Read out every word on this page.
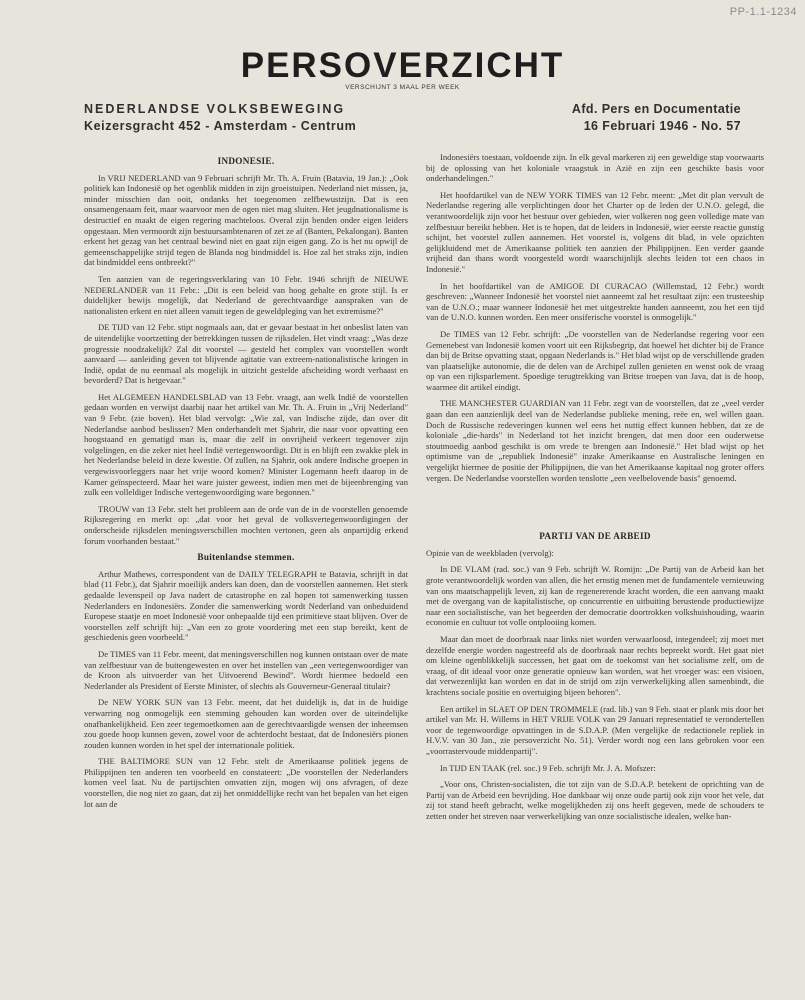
PP-1.1-1234
PERSOVERZICHT
VERSCHIJNT 3 MAAL PER WEEK
NEDERLANDSE VOLKSBEWEGING
Keizersgracht 452 - Amsterdam - Centrum
Afd. Pers en Documentatie
16 Februari 1946 - No. 57
INDONESIE.

In VRIJ NEDERLAND van 9 Februari schrijft Mr. Th. A. Fruin (Batavia, 19 Jan.): „Ook politiek kan Indonesië op het ogenblik midden in zijn groeistuipen. Nederland niet missen, ja, minder misschien dan ooit, ondanks het toegenomen zelfbewustzijn. Dat is een onsamengenaam feit, maar waarvoor men de ogen niet mag sluiten. Het jeugdnationalisme is destructief en maakt de eigen regering machteloos. Overal zijn benden onder eigen leiders opgestaan. Men vermoordt zijn bestuursambtenaren of zet ze af (Banten, Pekalongan). Banten erkent het gezag van het centraal bewind niet en gaat zijn eigen gang. Zo is het nu opwijl de gemeenschappelijke strijd tegen de Blanda nog bindmiddel is. Hoe zal het straks zijn, indien dat bindmiddel eens ontbreekt?"

Ten aanzien van de regeringsverklaring van 10 Febr. 1946 schrijft de NIEUWE NEDERLANDER van 11 Febr.: „Dit is een beleid van hoog gehalte en grote stijl. Is er duidelijker bewijs mogelijk, dat Nederland de gerechtvaardige aanspraken van de nationalisten erkent en niet alleen vanuit tegen de geweldpleging van het extremisme?"

DE TIJD van 12 Febr. stipt nogmaals aan, dat er gevaar bestaat in het onbeslist laten van de uitendelijke voortzetting der betrekkingen tussen de rijksdelen. Het vindt vraag: „Was deze progressie noodzakelijk? Zal dit voorstel — gesteld het complex van voorstellen wordt aanvaard — aanleiding geven tot blijvende agitatie van extreem-nationalistische kringen in Indië, opdat de nu eenmaal als mogelijk in uitzicht gestelde afscheiding wordt verhaast en bevorderd? Dat is hetgevaar."

Het ALGEMEEN HANDELSBLAD van 13 Febr. vraagt, aan welk Indië de voorstellen gedaan worden en verwijst daarbij naar het artikel van Mr. Th. A. Fruin in „Vrij Nederland" van 9 Febr. (zie boven). Het blad vervolgt: „Wie zal, van Indische zijde, dan over dit Nederlandse aanbod beslissen? Men onderhandelt met Sjahrir, die naar voor opvatting een hoogstaand en gematigd man is, maar die zelf in onvrijheid verkeert tegenover zijn volgelingen, en die zeker niet heel Indië vertegenwoordigt. Dit is en blijft een zwakke plek in het Nederlandse beleid in deze kwestie. Of zullen, na Sjahrir, ook andere Indische groepen in vergewisvoorleggers naar het vrije woord komen? Minister Logemann heeft daarop in de Kamer geïnspecteerd. Maar het ware juister geweest, indien men met de bijeenbrenging van zulk een volleldiger Indische vertegenwoordiging ware begonnen."

TROUW van 13 Febr. stelt het probleem aan de orde van de in de voorstellen genoemde Rijksregering en merkt op: „dat voor het geval de volksvertegenwoordigingen der onderscheide rijksdelen meningsverschillen mochten vertonen, geen als onpartijdig erkend forum voorhanden bestaat."

Buitenlandse stemmen.

Arthur Mathews, correspondent van de DAILY TELEGRAPH te Batavia, schrijft in dat blad (11 Febr.), dat Sjahrir moeilijk anders kan doen, dan de voorstellen aannemen. Het sterk gedaalde levenspeil op Java nadert de catastrophe en zal hopen tot samenwerking tussen Nederlanders en Indonesiërs. Zonder die samenwerking wordt Nederland van onbeduidend Europese staatje en moet Indonesië voor onbepaalde tijd een primitieve staat blijven. Over de voorstellen zelf schrijft hij: „Van een zo grote voordering met een stap bereikt, kent de geschiedenis geen voorbeeld."

De TIMES van 11 Febr. meent, dat meningsverschillen nog kunnen ontstaan over de mate van zelfbestuur van de buitengewesten en over het instellen van „een vertegenwoordiger van de Kroon als uitvoerder van het Uitvoerend Bewind". Wordt hiermee bedoeld een Nederlander als President of Eerste Minister, of slechts als Gouverneur-Generaal titulair?

De NEW YORK SUN van 13 Febr. meent, dat het duidelijk is, dat in de huidige verwarring nog onmogelijk een stemming gehouden kan worden over de uiteindelijke onafhankelijkheid. Een zeer tegemoetkomen aan de gerechtvaardigde wensen der inheemsen zou goede hoop kunnen geven, zowel voor de achterdocht bestaat, dat de Indonesiërs pionen zouden kunnen worden in het spel der internationale politiek.

THE BALTIMORE SUN van 12 Febr. stelt de Amerikaanse politiek jegens de Philippijnen ten anderen ten voorbeeld en constateert: „De voorstellen der Nederlanders komen veel laat. Nu de partijschten omvatten zijn, mogen wij ons afvragen, of deze voorstellen, die nog niet zo gaan, dat zij het onmiddellijke recht van het bepalen van het eigen lot aan de

Indonesiërs toestaan, voldoende zijn. In elk geval markeren zij een geweldige stap voorwaarts bij de oplossing van het koloniale vraagstuk in Azië en zijn een geschikte basis voor onderhandelingen."

Het hoofdartikel van de NEW YORK TIMES van 12 Febr. meent: „Met dit plan vervult de Nederlandse regering alle verplichtingen door het Charter op de leden der U.N.O. gelegd, die verantwoordelijk zijn voor het bestuur over gebieden, wier volkeren nog geen volledige mate van zelfbestuur bereikt hebben. Het is te hopen, dat de leiders in Indonesië, wier eerste reactie gunstig schijnt, het voorstel zullen aannemen. Het voorstel is, volgens dit blad, in vele opzichten gelijkluidend met de Amerikaanse politiek ten aanzien der Philippijnen. Een verder gaande vrijheid dan thans wordt voorgesteld wordt waarschijnlijk slechts leiden tot een chaos in Indonesië."

In het hoofdartikel van de AMIGOE DI CURACAO (Willemstad, 12 Febr.) wordt geschreven: „Wanneer Indonesië het voorstel niet aanneemt zal het resultaat zijn: een trusteeship van de U.N.O.; maar wanneer Indonesië het met uitgestrekte handen aanneemt, zou het een tijd van de U.N.O. kunnen worden. Een meer onsiferische voorstel is onmogelijk."

De TIMES van 12 Febr. schrijft: „De voorstellen van de Nederlandse regering voor een Gemenebest van Indonesië komen voort uit een Rijksbegrip, dat hoewel het dichter bij de France dan bij de Britse opvatting staat, opgaan Nederlands is." Het blad wijst op de verschillende graden van plaatselijke autonomie, die de delen van de Archipel zullen genieten en wenst ook de vraag op van een rijksparlement. Spoedige terugtrekking van Britse troepen van Java, dat is de hoop, waarmee dit artikel eindigt.

THE MANCHESTER GUARDIAN van 11 Febr. zegt van de voorstellen, dat ze „veel verder gaan dan een aanzienlijk deel van de Nederlandse publieke mening, reëe en, wel willen gaan. Doch de Russische redeveringen kunnen wel eens het nuttig effect kunnen hebben, dat ze de koloniale „die-hards" in Nederland tot het inzicht brengen, dat men door een ouderwetse stoutmoedig aanbod geschikt is om vrede te brengen aan Indonesië." Het blad wijst op het optimisme van de „republiek Indonesië" inzake Amerikaanse en Australische leningen en vergelijkt hiermee de positie der Philippijnen, die van het Amerikaanse kapitaal nog groter offers vergen. De Nederlandse voorstellen worden tenslotte „een veelbelovende basis" genoemd.

PARTIJ VAN DE ARBEID

Opinie van de weekbladen (vervolg):

In DE VLAM (rad. soc.) van 9 Feb. schrijft W. Romijn: „De Partij van de Arbeid kan het grote verantwoordelijk worden van allen, die het ernstig menen met de fundamentele vernieuwing van ons maatschappelijk leven, zij kan de regenererende kracht worden, die een aanvang maakt met de overgang van de kapitalistische, op concurrentie en uitbuiting berustende productiewijze naar een socialistische, van het begeerden der democratie doortrokken volkshuishouding, waarin economie en cultuur tot volle ontplooiing komen.

Maar dan moet de doorbraak naar links niet worden verwaarloosd, integendeel; zij moet met dezelfde energie worden nagestreefd als de doorbraak naar rechts bepreekt wordt. Het gaat niet om kleine ogenblikkelijk successen, het gaat om de toekomst van het socialisme zelf, om de vraag, of dit ideaal voor onze generatie opnieuw kan worden, wat het vroeger was: een visioen, dat verwezenlijkt kan worden en dat in de strijd om zijn verwerkelijking allen samenbindt, die krachtens sociale positie en overtuiging bijeen behoren".

Een artikel in SLAET OP DEN TROMMELE (rad. lib.) van 9 Feb. staat er plank mis door het artikel van Mr. H. Willems in HET VRIJE VOLK van 29 Januari representatief te verondertellen voor de tegenwoordige opvattingen in de S.D.A.P. (Men vergelijke de redactionele repliek in H.V.V. van 30 Jan., zie persoverzicht No. 51). Verder wordt nog een lans gebroken voor een „voorrastervoude middenpartij".

In TIJD EN TAAK (rel. soc.) 9 Feb. schrijft Mr. J. A. Mofszer:

„Voor ons, Christen-socialisten, die tot zijn van de S.D.A.P. betekent de oprichting van de Partij van de Arbeid een bevrijding. Hoe dankbaar wij onze oude partij ook zijn voor het vele, dat zij tot stand heeft gebracht, welke mogelijkheden zij ons heeft gegeven, mede de schouders te zetten onder het streven naar verwerkelijking van onze socialistische idealen, welke ban-
